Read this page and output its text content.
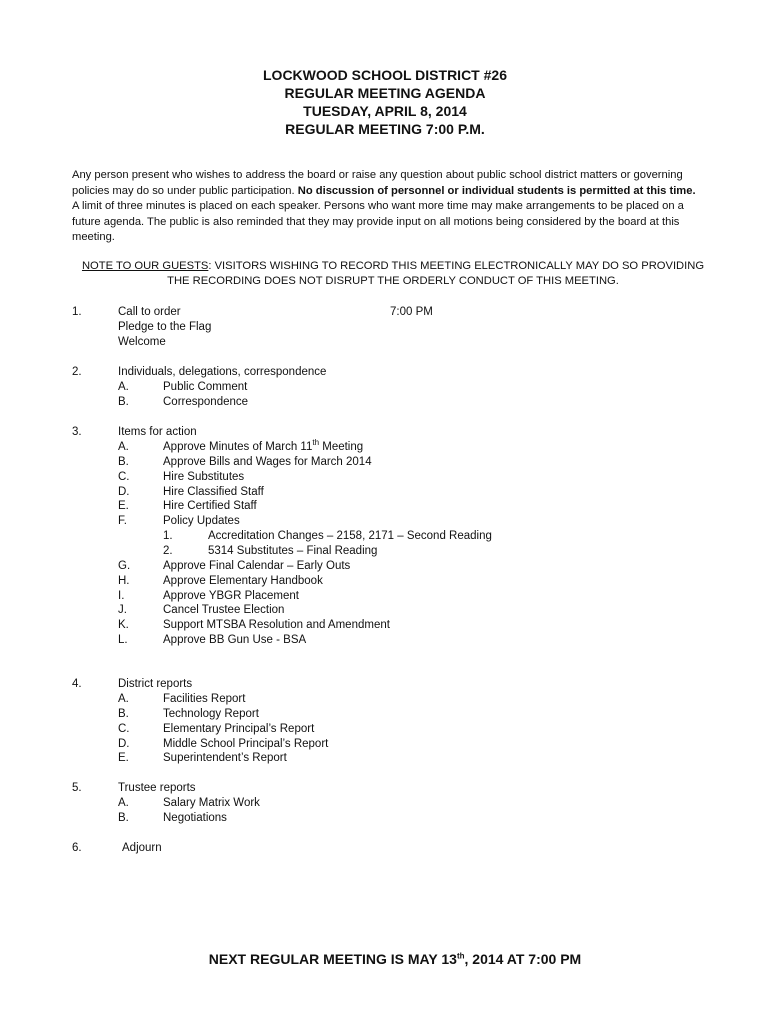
LOCKWOOD SCHOOL DISTRICT #26
REGULAR MEETING AGENDA
TUESDAY, APRIL 8, 2014
REGULAR MEETING 7:00 P.M.
Any person present who wishes to address the board or raise any question about public school district matters or governing policies may do so under public participation. No discussion of personnel or individual students is permitted at this time. A limit of three minutes is placed on each speaker. Persons who want more time may make arrangements to be placed on a future agenda. The public is also reminded that they may provide input on all motions being considered by the board at this meeting.
NOTE TO OUR GUESTS: VISITORS WISHING TO RECORD THIS MEETING ELECTRONICALLY MAY DO SO PROVIDING THE RECORDING DOES NOT DISRUPT THE ORDERLY CONDUCT OF THIS MEETING.
1.	Call to order	7:00 PM
Pledge to the Flag
Welcome
2.	Individuals, delegations, correspondence
A.	Public Comment
B.	Correspondence
3.	Items for action
A.	Approve Minutes of March 11th Meeting
B.	Approve Bills and Wages for March 2014
C.	Hire Substitutes
D.	Hire Classified Staff
E.	Hire Certified Staff
F.	Policy Updates
1.	Accreditation Changes – 2158, 2171 – Second Reading
2.	5314 Substitutes – Final Reading
G.	Approve Final Calendar – Early Outs
H.	Approve Elementary Handbook
I.	Approve YBGR Placement
J.	Cancel Trustee Election
K.	Support MTSBA Resolution and Amendment
L.	Approve BB Gun Use - BSA
4.	District reports
A.	Facilities Report
B.	Technology Report
C.	Elementary Principal’s Report
D.	Middle School Principal’s Report
E.	Superintendent’s Report
5.	Trustee reports
A.	Salary Matrix Work
B.	Negotiations
6.	Adjourn
NEXT REGULAR MEETING IS MAY 13th, 2014 AT 7:00 PM
